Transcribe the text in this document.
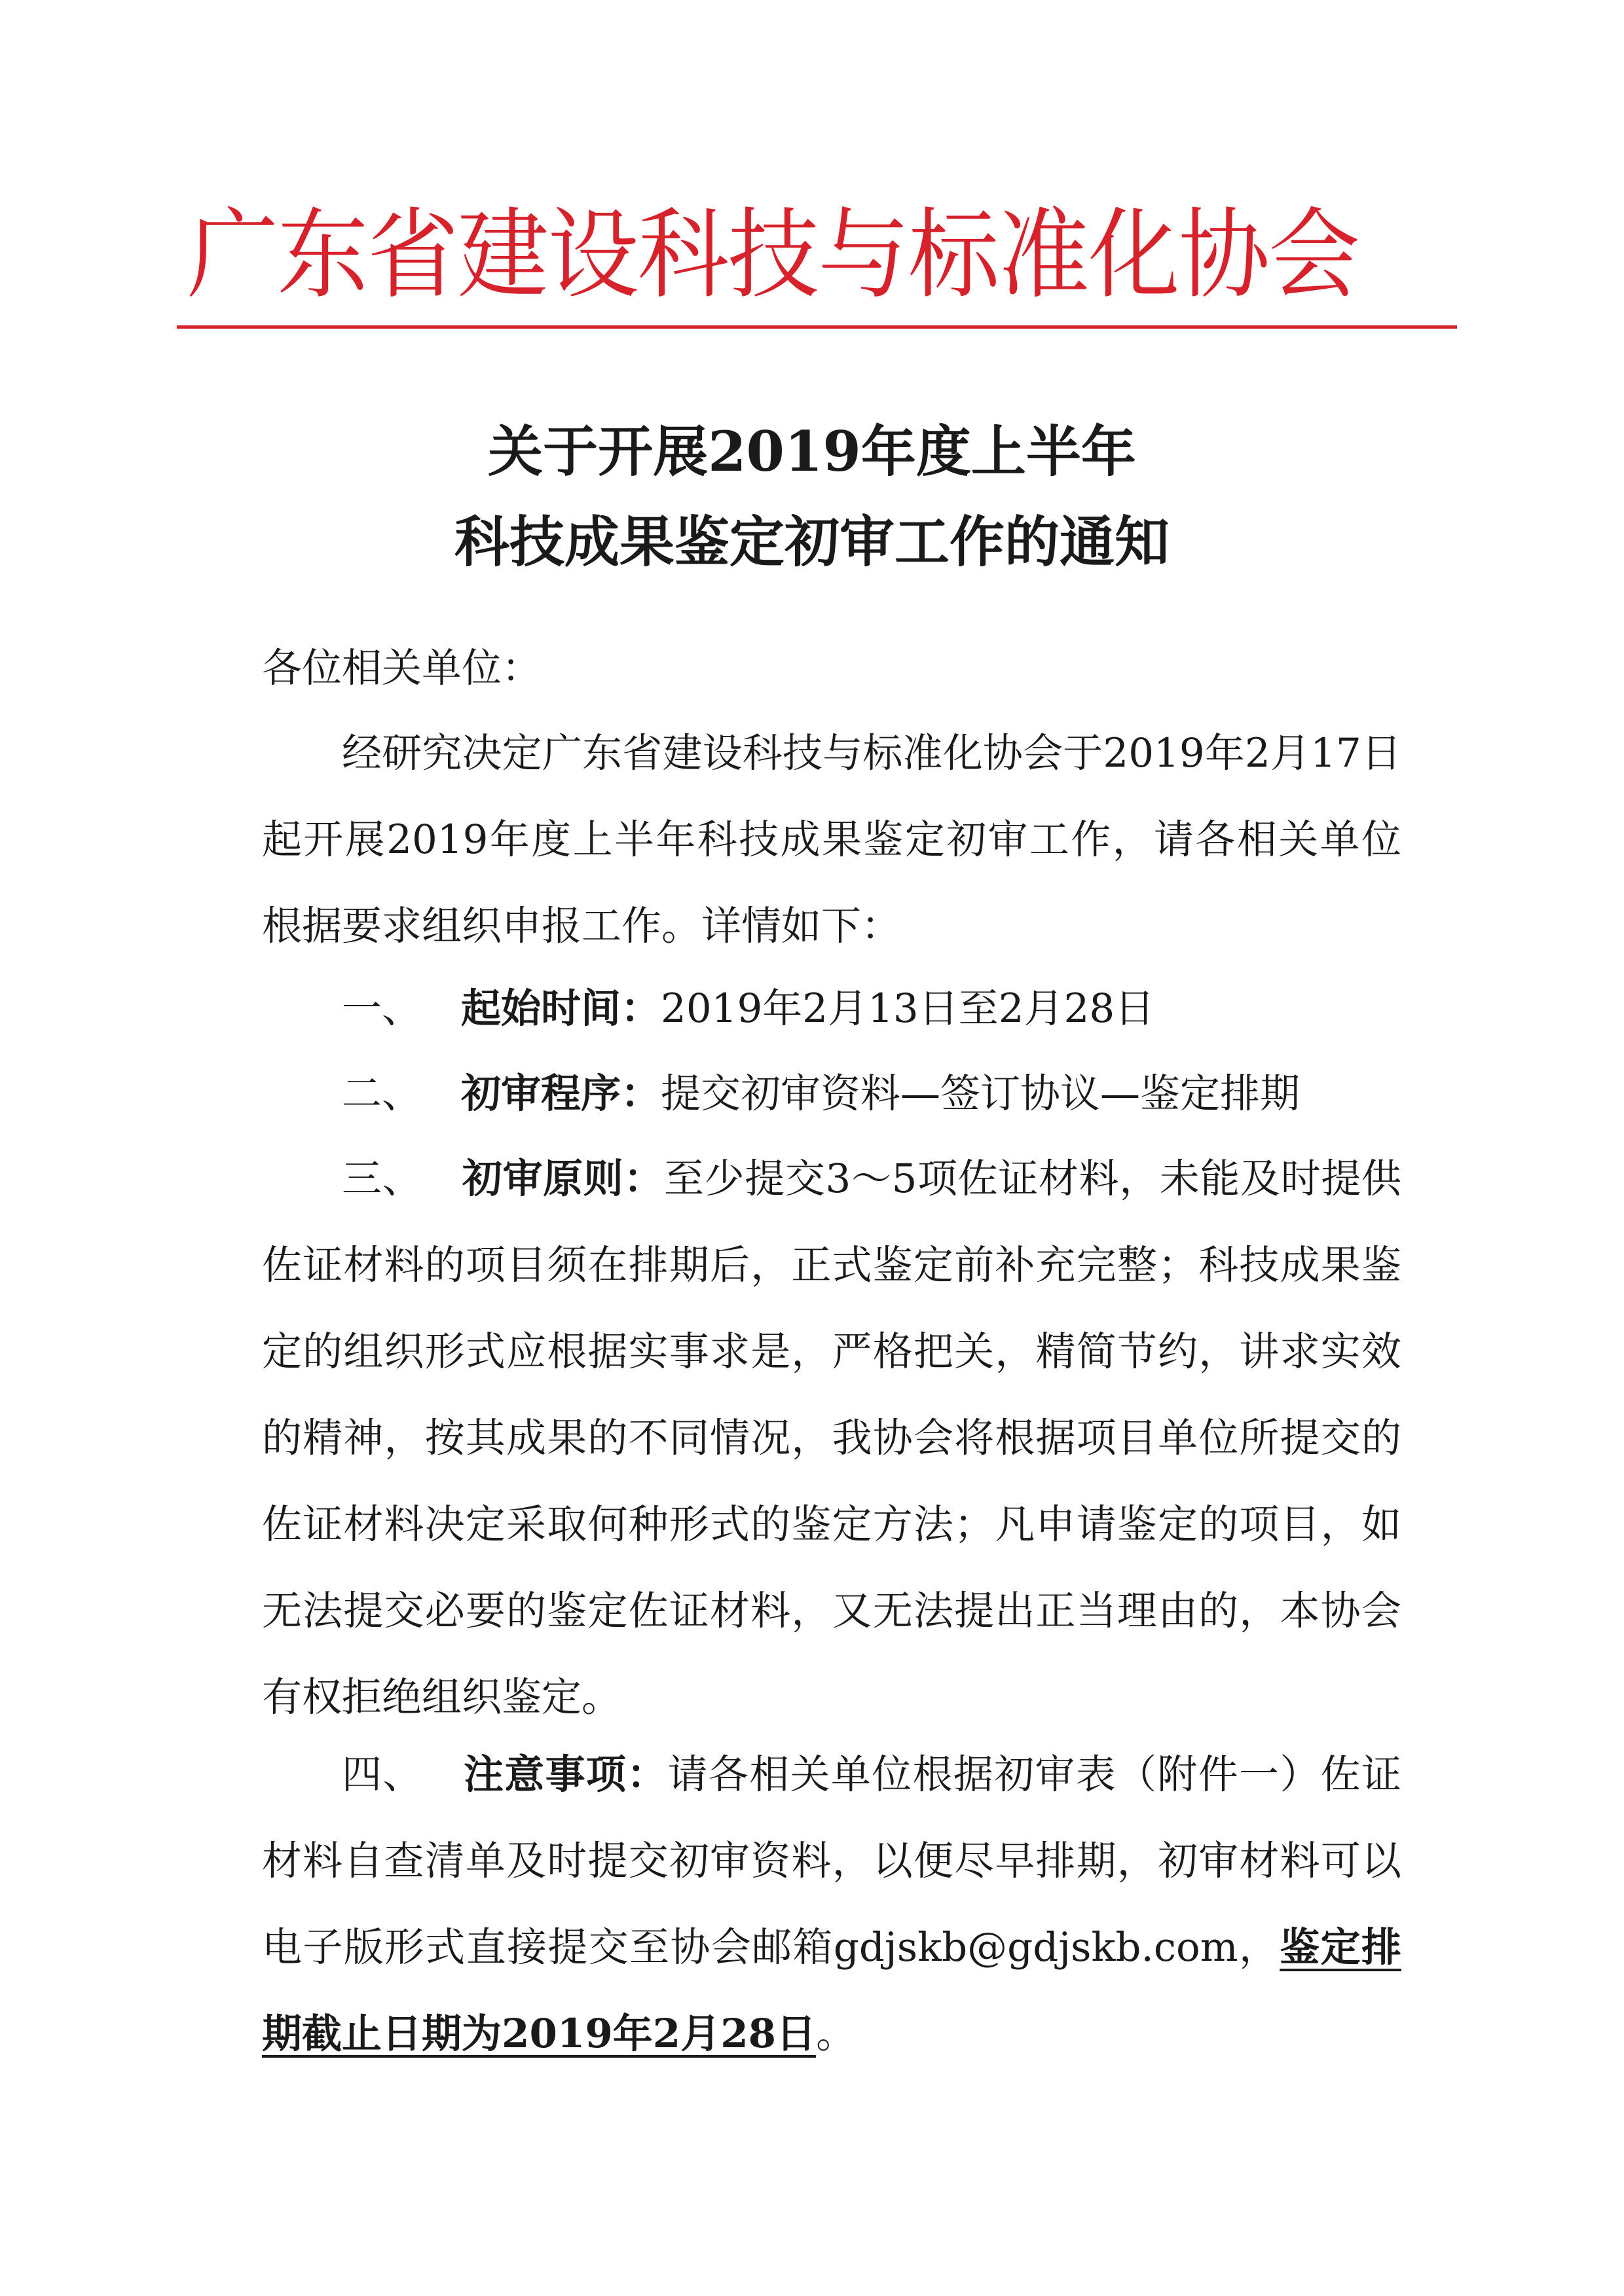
广东省建设科技与标准化协会
关于开展2019年度上半年
科技成果鉴定初审工作的通知
各位相关单位：
经研究决定广东省建设科技与标准化协会于2019年2月17日起开展2019年度上半年科技成果鉴定初审工作，请各相关单位根据要求组织申报工作。详情如下：
一、 起始时间：2019年2月13日至2月28日
二、 初审程序：提交初审资料—签订协议—鉴定排期
三、 初审原则：至少提交3～5项佐证材料，未能及时提供佐证材料的项目须在排期后，正式鉴定前补充完整；科技成果鉴定的组织形式应根据实事求是，严格把关，精简节约，讲求实效的精神，按其成果的不同情况，我协会将根据项目单位所提交的佐证材料决定采取何种形式的鉴定方法；凡申请鉴定的项目，如无法提交必要的鉴定佐证材料，又无法提出正当理由的，本协会有权拒绝组织鉴定。
四、 注意事项：请各相关单位根据初审表（附件一）佐证材料自查清单及时提交初审资料，以便尽早排期，初审材料可以电子版形式直接提交至协会邮箱gdjskb@gdjskb.com，鉴定排期截止日期为2019年2月28日。
